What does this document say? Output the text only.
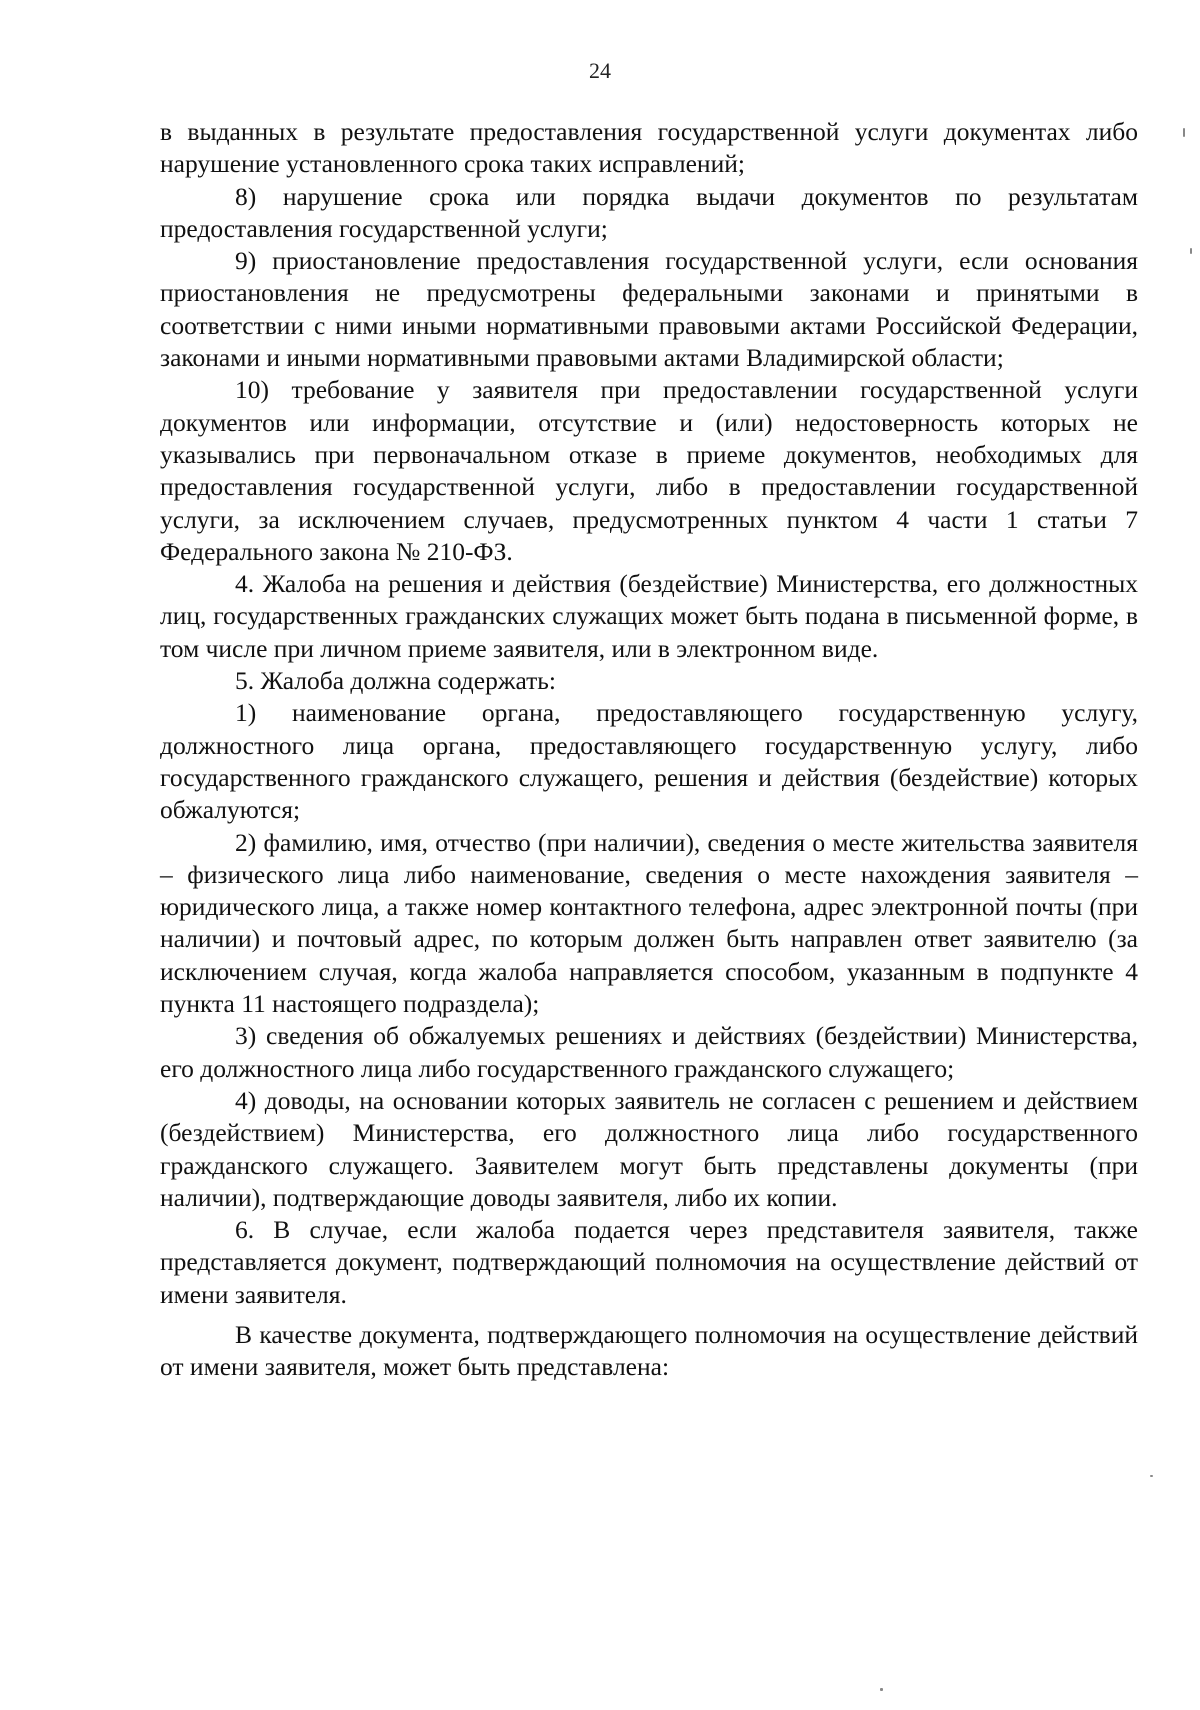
24

в выданных в результате предоставления государственной услуги документах либо нарушение установленного срока таких исправлений;

8) нарушение срока или порядка выдачи документов по результатам предоставления государственной услуги;

9) приостановление предоставления государственной услуги, если основания приостановления не предусмотрены федеральными законами и принятыми в соответствии с ними иными нормативными правовыми актами Российской Федерации, законами и иными нормативными правовыми актами Владимирской области;

10) требование у заявителя при предоставлении государственной услуги документов или информации, отсутствие и (или) недостоверность которых не указывались при первоначальном отказе в приеме документов, необходимых для предоставления государственной услуги, либо в предоставлении государственной услуги, за исключением случаев, предусмотренных пунктом 4 части 1 статьи 7 Федерального закона № 210-ФЗ.

4. Жалоба на решения и действия (бездействие) Министерства, его должностных лиц, государственных гражданских служащих может быть подана в письменной форме, в том числе при личном приеме заявителя, или в электронном виде.

5. Жалоба должна содержать:

1) наименование органа, предоставляющего государственную услугу, должностного лица органа, предоставляющего государственную услугу, либо государственного гражданского служащего, решения и действия (бездействие) которых обжалуются;

2) фамилию, имя, отчество (при наличии), сведения о месте жительства заявителя – физического лица либо наименование, сведения о месте нахождения заявителя – юридического лица, а также номер контактного телефона, адрес электронной почты (при наличии) и почтовый адрес, по которым должен быть направлен ответ заявителю (за исключением случая, когда жалоба направляется способом, указанным в подпункте 4 пункта 11 настоящего подраздела);

3) сведения об обжалуемых решениях и действиях (бездействии) Министерства, его должностного лица либо государственного гражданского служащего;

4) доводы, на основании которых заявитель не согласен с решением и действием (бездействием) Министерства, его должностного лица либо государственного гражданского служащего. Заявителем могут быть представлены документы (при наличии), подтверждающие доводы заявителя, либо их копии.

6. В случае, если жалоба подается через представителя заявителя, также представляется документ, подтверждающий полномочия на осуществление действий от имени заявителя.

В качестве документа, подтверждающего полномочия на осуществление действий от имени заявителя, может быть представлена:
